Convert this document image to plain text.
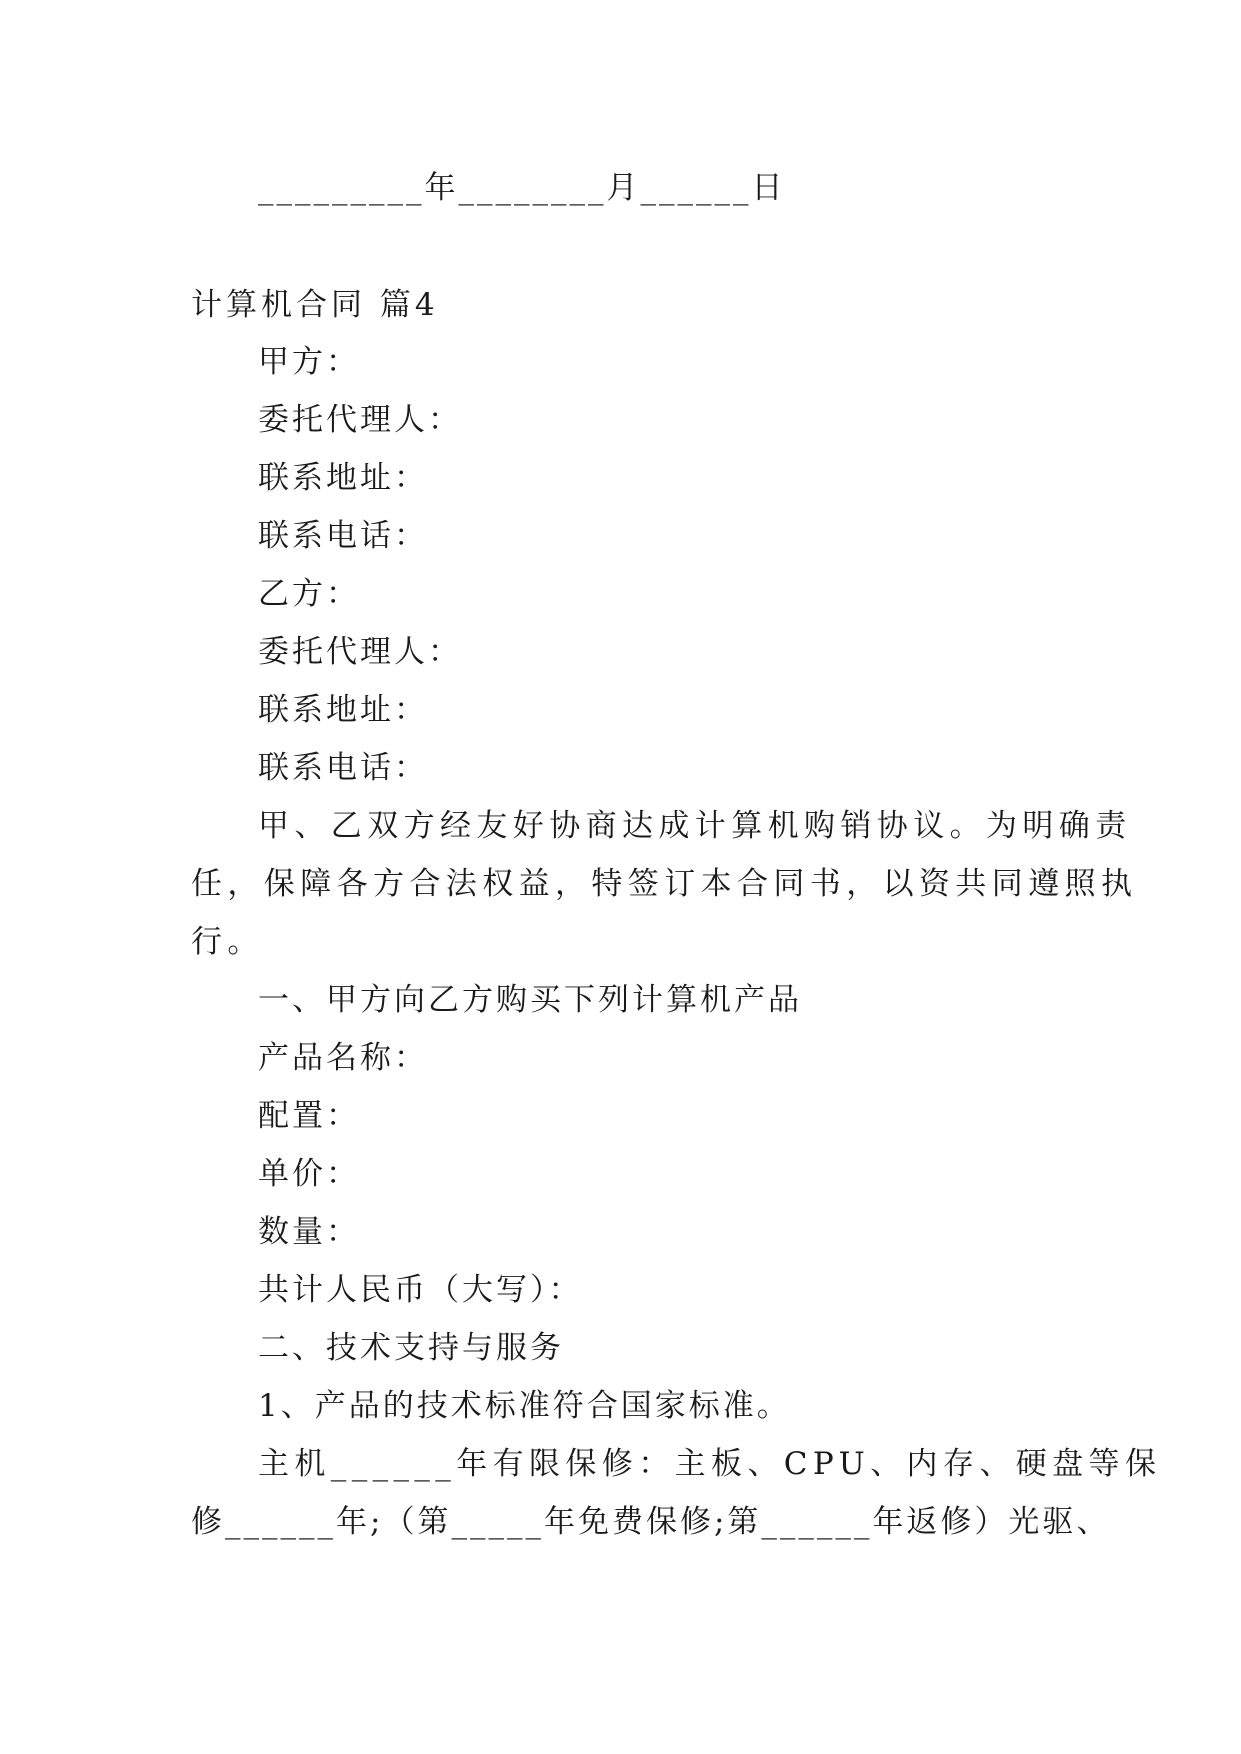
_________年________月______日
计算机合同 篇4
甲方：
委托代理人：
联系地址：
联系电话：
乙方：
委托代理人：
联系地址：
联系电话：
甲、乙双方经友好协商达成计算机购销协议。为明确责
任，保障各方合法权益，特签订本合同书，以资共同遵照执
行。
一、甲方向乙方购买下列计算机产品
产品名称：
配置：
单价：
数量：
共计人民币（大写）：
二、技术支持与服务
1、产品的技术标准符合国家标准。
主机______年有限保修：主板、CPU、内存、硬盘等保
修______年;（第_____年免费保修;第______年返修）光驱、
